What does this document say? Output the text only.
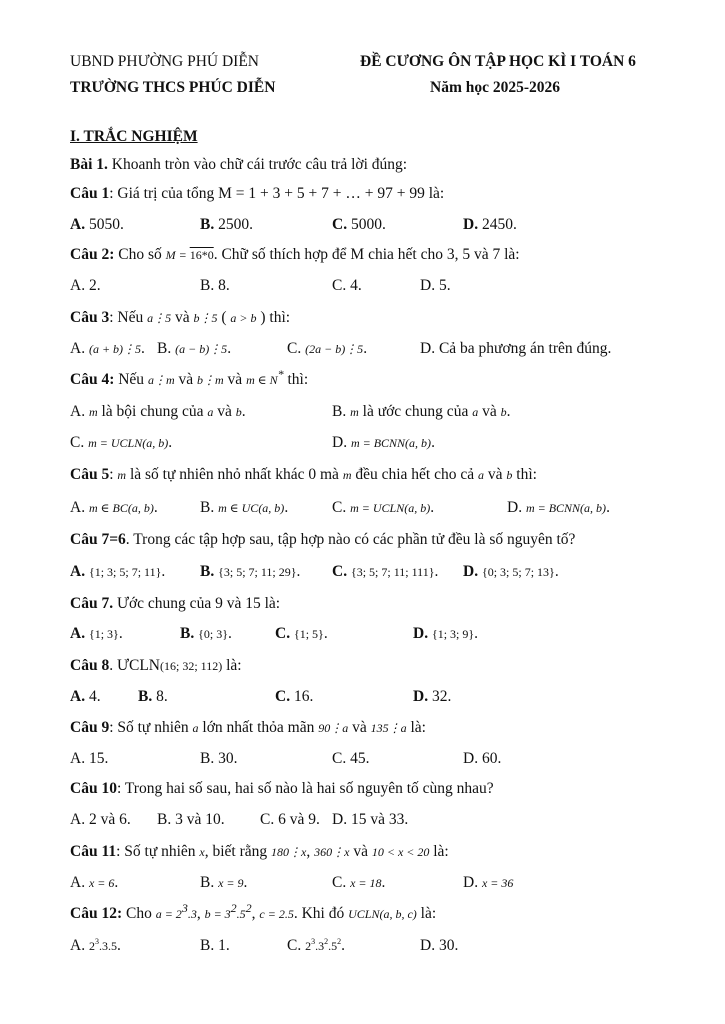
UBND PHƯỜNG PHÚ DIỄN
TRƯỜNG THCS PHÚC DIỄN
ĐỀ CƯƠNG ÔN TẬP HỌC KÌ I TOÁN 6
Năm học 2025-2026
I. TRẮC NGHIỆM
Bài 1. Khoanh tròn vào chữ cái trước câu trả lời đúng:
Câu 1: Giá trị của tổng M = 1 + 3 + 5 + 7 + … + 97 + 99 là:
A. 5050.	B. 2500.	C. 5000.	D. 2450.
Câu 2: Cho số M = 16*0. Chữ số thích hợp để M chia hết cho 3, 5 và 7 là:
A. 2.	B. 8.	C. 4.	D. 5.
Câu 3: Nếu a⋮5 và b⋮5 ( a > b ) thì:
A. (a + b)⋮5. B. (a − b)⋮5.	C. (2a − b)⋮5.	D. Cả ba phương án trên đúng.
Câu 4: Nếu a⋮m và b⋮m và m ∈ N* thì:
A. m là bội chung của a và b.	B. m là ước chung của a và b.
C. m = UCLN(a, b).	D. m = BCNN(a, b).
Câu 5: m là số tự nhiên nhỏ nhất khác 0 mà m đều chia hết cho cả a và b thì:
A. m ∈ BC(a, b).	B. m ∈ UC(a, b).	C. m = UCLN(a, b).	D. m = BCNN(a, b).
Câu 7=6. Trong các tập hợp sau, tập hợp nào có các phần tử đều là số nguyên tố?
A. {1; 3; 5; 7; 11}. B. {3; 5; 7; 11; 29}. C. {3; 5; 7; 11; 111}. D. {0; 3; 5; 7; 13}.
Câu 7. Ước chung của 9 và 15 là:
A. {1; 3}.	B. {0; 3}.	C. {1; 5}.	D. {1; 3; 9}.
Câu 8. ƯCLN(16; 32; 112) là:
A. 4. B. 8.	C. 16.	D. 32.
Câu 9: Số tự nhiên a lớn nhất thỏa mãn 90⋮a và 135⋮a là:
A. 15.	B. 30.	C. 45.	D. 60.
Câu 10: Trong hai số sau, hai số nào là hai số nguyên tố cùng nhau?
A. 2 và 6. B. 3 và 10. C. 6 và 9. D. 15 và 33.
Câu 11: Số tự nhiên x, biết rằng 180⋮x, 360⋮x và 10 < x < 20 là:
A. x = 6.	B. x = 9.	C. x = 18.	D. x = 36
Câu 12: Cho $a = 2^3.3$, $b = 3^2.5^2$, c = 2.5. Khi đó UCLN(a, b, c) là:
A. $2^3.3.5$.	B. 1.	C. $2^3.3^2.5^2$.	D. 30.
